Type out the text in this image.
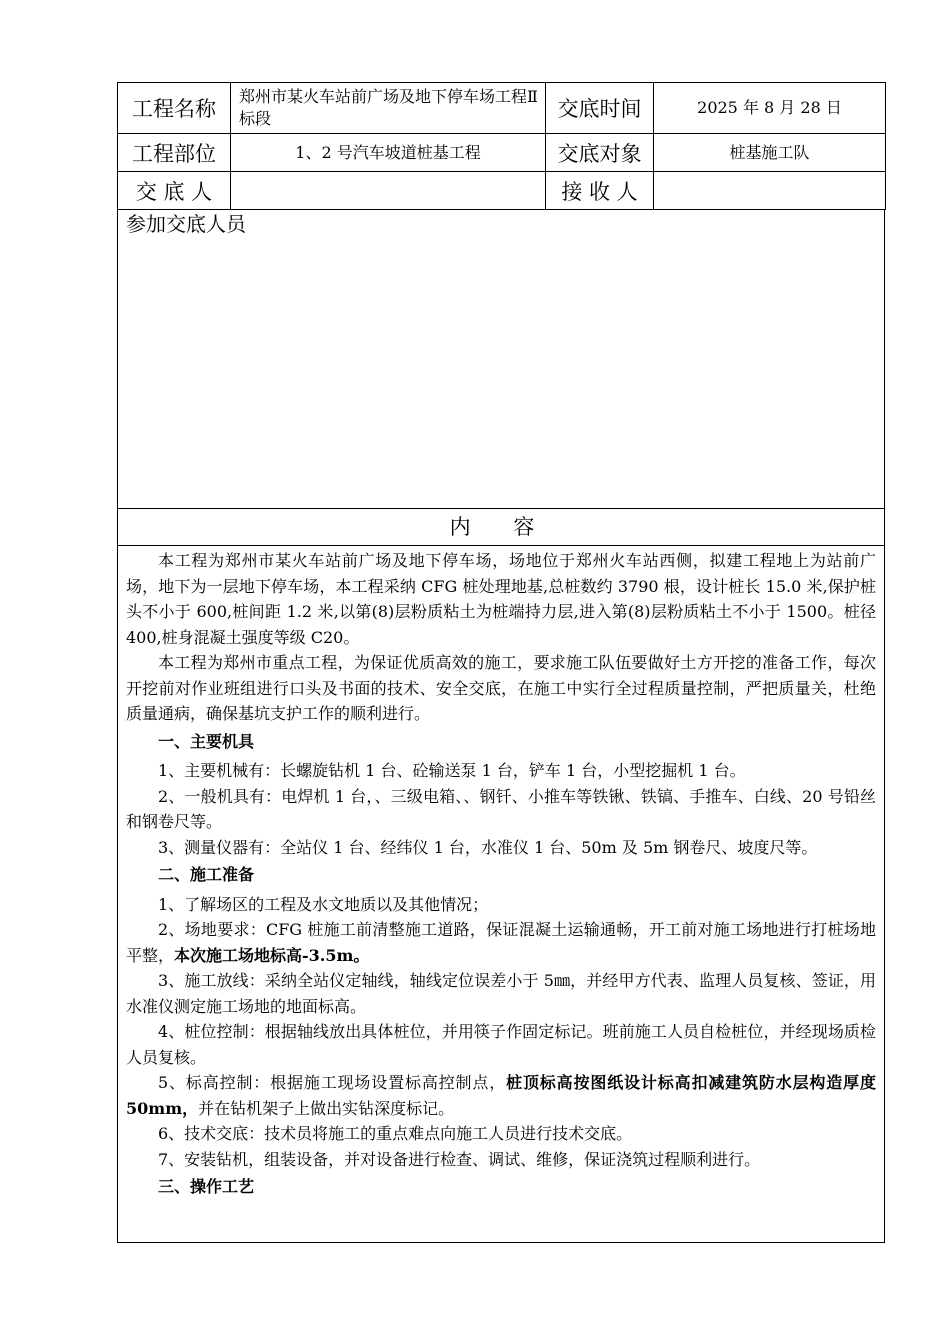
工程名称	郑州市某火车站前广场及地下停车场工程Ⅱ标段	交底时间	2025 年 8 月 28 日
工程部位	1、2 号汽车坡道桩基工程	交底对象	桩基施工队
交 底 人		接 收 人	
参加交底人员
内 容

本工程为郑州市某火车站前广场及地下停车场，场地位于郑州火车站西侧，拟建工程地上为站前广场，地下为一层地下停车场，本工程采纳 CFG 桩处理地基,总桩数约 3790 根，设计桩长 15.0 米,保护桩头不小于 600,桩间距 1.2 米,以第(8)层粉质粘土为桩端持力层,进入第(8)层粉质粘土不小于 1500。桩径 400,桩身混凝土强度等级 C20。

本工程为郑州市重点工程，为保证优质高效的施工，要求施工队伍要做好土方开挖的准备工作，每次开挖前对作业班组进行口头及书面的技术、安全交底，在施工中实行全过程质量控制，严把质量关，杜绝质量通病，确保基坑支护工作的顺利进行。

一、主要机具

1、主要机械有：长螺旋钻机 1 台、砼输送泵 1 台，铲车 1 台，小型挖掘机 1 台。

2、一般机具有：电焊机 1 台，、三级电箱、、钢钎、小推车等铁锹、铁镐、手推车、白线、20 号铅丝和钢卷尺等。

3、测量仪器有：全站仪 1 台、经纬仪 1 台，水准仪 1 台、50m 及 5m 钢卷尺、坡度尺等。

二、施工准备

1、了解场区的工程及水文地质以及其他情况；

2、场地要求：CFG 桩施工前清整施工道路，保证混凝土运输通畅，开工前对施工场地进行打桩场地平整，本次施工场地标高-3.5m。

3、施工放线：采纳全站仪定轴线，轴线定位误差小于 5㎜，并经甲方代表、监理人员复核、签证，用水准仪测定施工场地的地面标高。

4、桩位控制：根据轴线放出具体桩位，并用筷子作固定标记。班前施工人员自检桩位，并经现场质检人员复核。

5、标高控制：根据施工现场设置标高控制点，桩顶标高按图纸设计标高扣减建筑防水层构造厚度 50mm，并在钻机架子上做出实钻深度标记。

6、技术交底：技术员将施工的重点难点向施工人员进行技术交底。

7、安装钻机，组装设备，并对设备进行检查、调试、维修，保证浇筑过程顺利进行。

三、操作工艺
